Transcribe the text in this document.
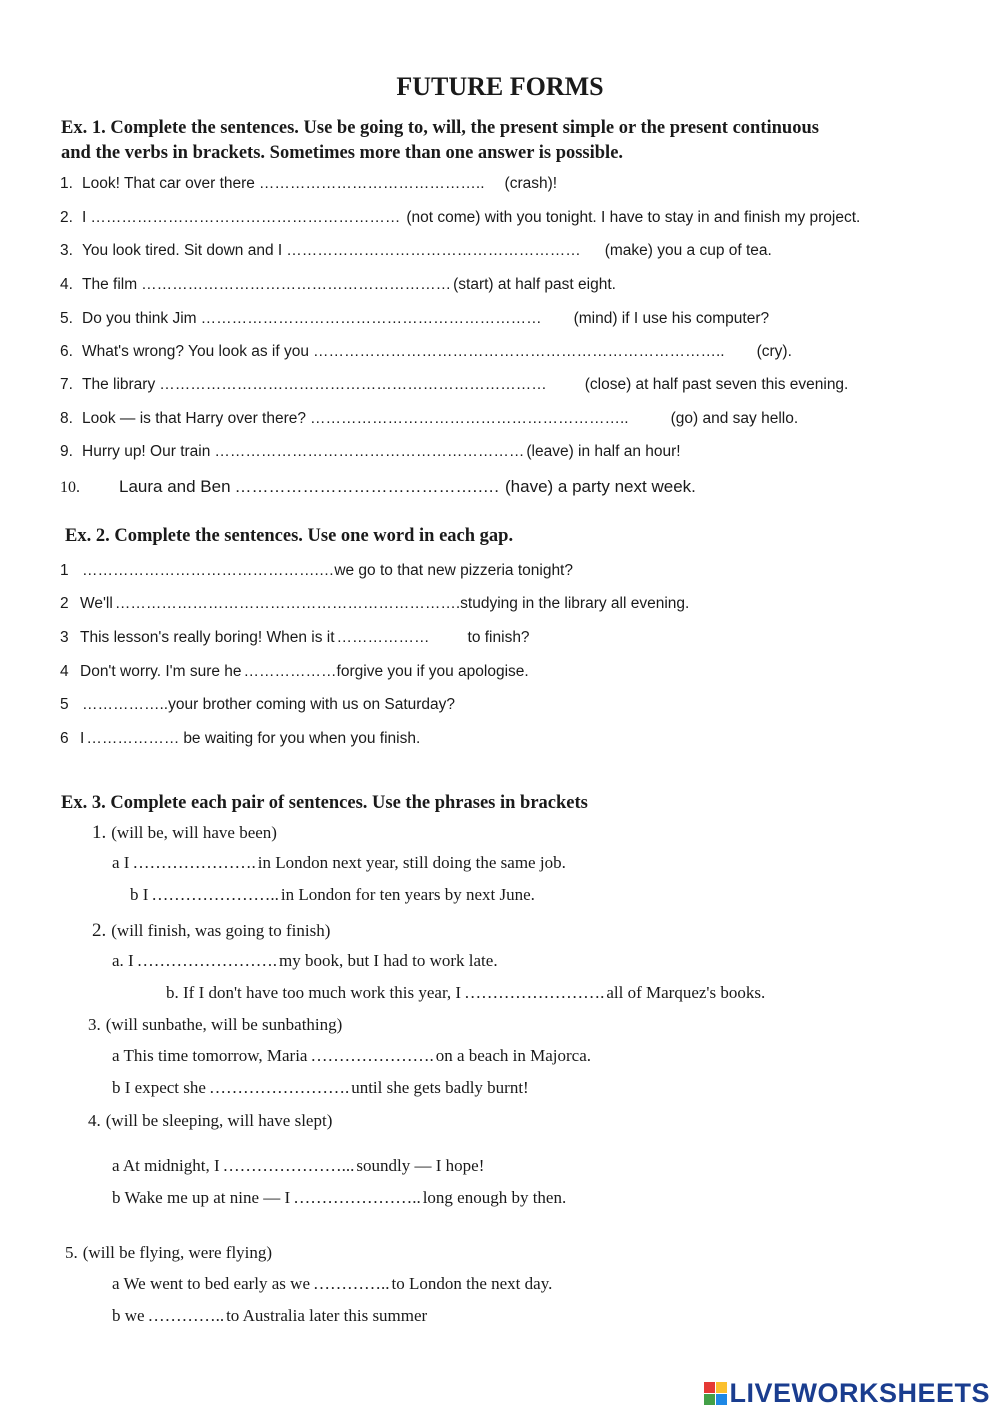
FUTURE FORMS
Ex. 1. Complete the sentences. Use be going to, will, the present simple or the present continuous
and the verbs in brackets. Sometimes more than one answer is possible.
1. Look! That car over there …………………………………….. (crash)!
2. I …………………………………………………… (not come) with you tonight. I have to stay in and finish my project.
3. You look tired. Sit down and I ………………………………………………… (make) you a cup of tea.
4. The film …………………………………………………… (start) at half past eight.
5. Do you think Jim ………………………………………………………… (mind) if I use his computer?
6. What's wrong? You look as if you …………………………………………………………………….. (cry).
7. The library ………………………………………………………………… (close) at half past seven this evening.
8. Look — is that Harry over there? ……………………………………………………..	(go) and say hello.
9. Hurry up! Our train …………………………………………………… (leave) in half an hour!
10. Laura and Ben …………………………………….…. (have) a party next week.
Ex. 2. Complete the sentences. Use one word in each gap.
1 ……………………………………….…we go to that new pizzeria tonight?
2 We'll ………………………………………………………….studying in the library all evening.
3 This lesson's really boring! When is it ……………… to finish?
4 Don't worry. I'm sure he ………………forgive you if you apologise.
5 ……………..your brother coming with us on Saturday?
6 I ……………… be waiting for you when you finish.
Ex. 3. Complete each pair of sentences. Use the phrases in brackets
1. (will be, will have been)
a I …………………. in London next year, still doing the same job.
b I ………………….. in London for ten years by next June.
2. (will finish, was going to finish)
a. I ……………………. my book, but I had to work late.
b. If I don't have too much work this year, I ……………………. all of Marquez's books.
3. (will sunbathe, will be sunbathing)
a This time tomorrow, Maria …………………. on a beach in Majorca.
b I expect she ……………………. until she gets badly burnt!
4. (will be sleeping, will have slept)
a At midnight, I …………………... soundly — I hope!
b Wake me up at nine — I ………………….. long enough by then.
5. (will be flying, were flying)
a We went to bed early as we ………….. to London the next day.
b we ………….. to Australia later this summer
LIVEWORKSHEETS
